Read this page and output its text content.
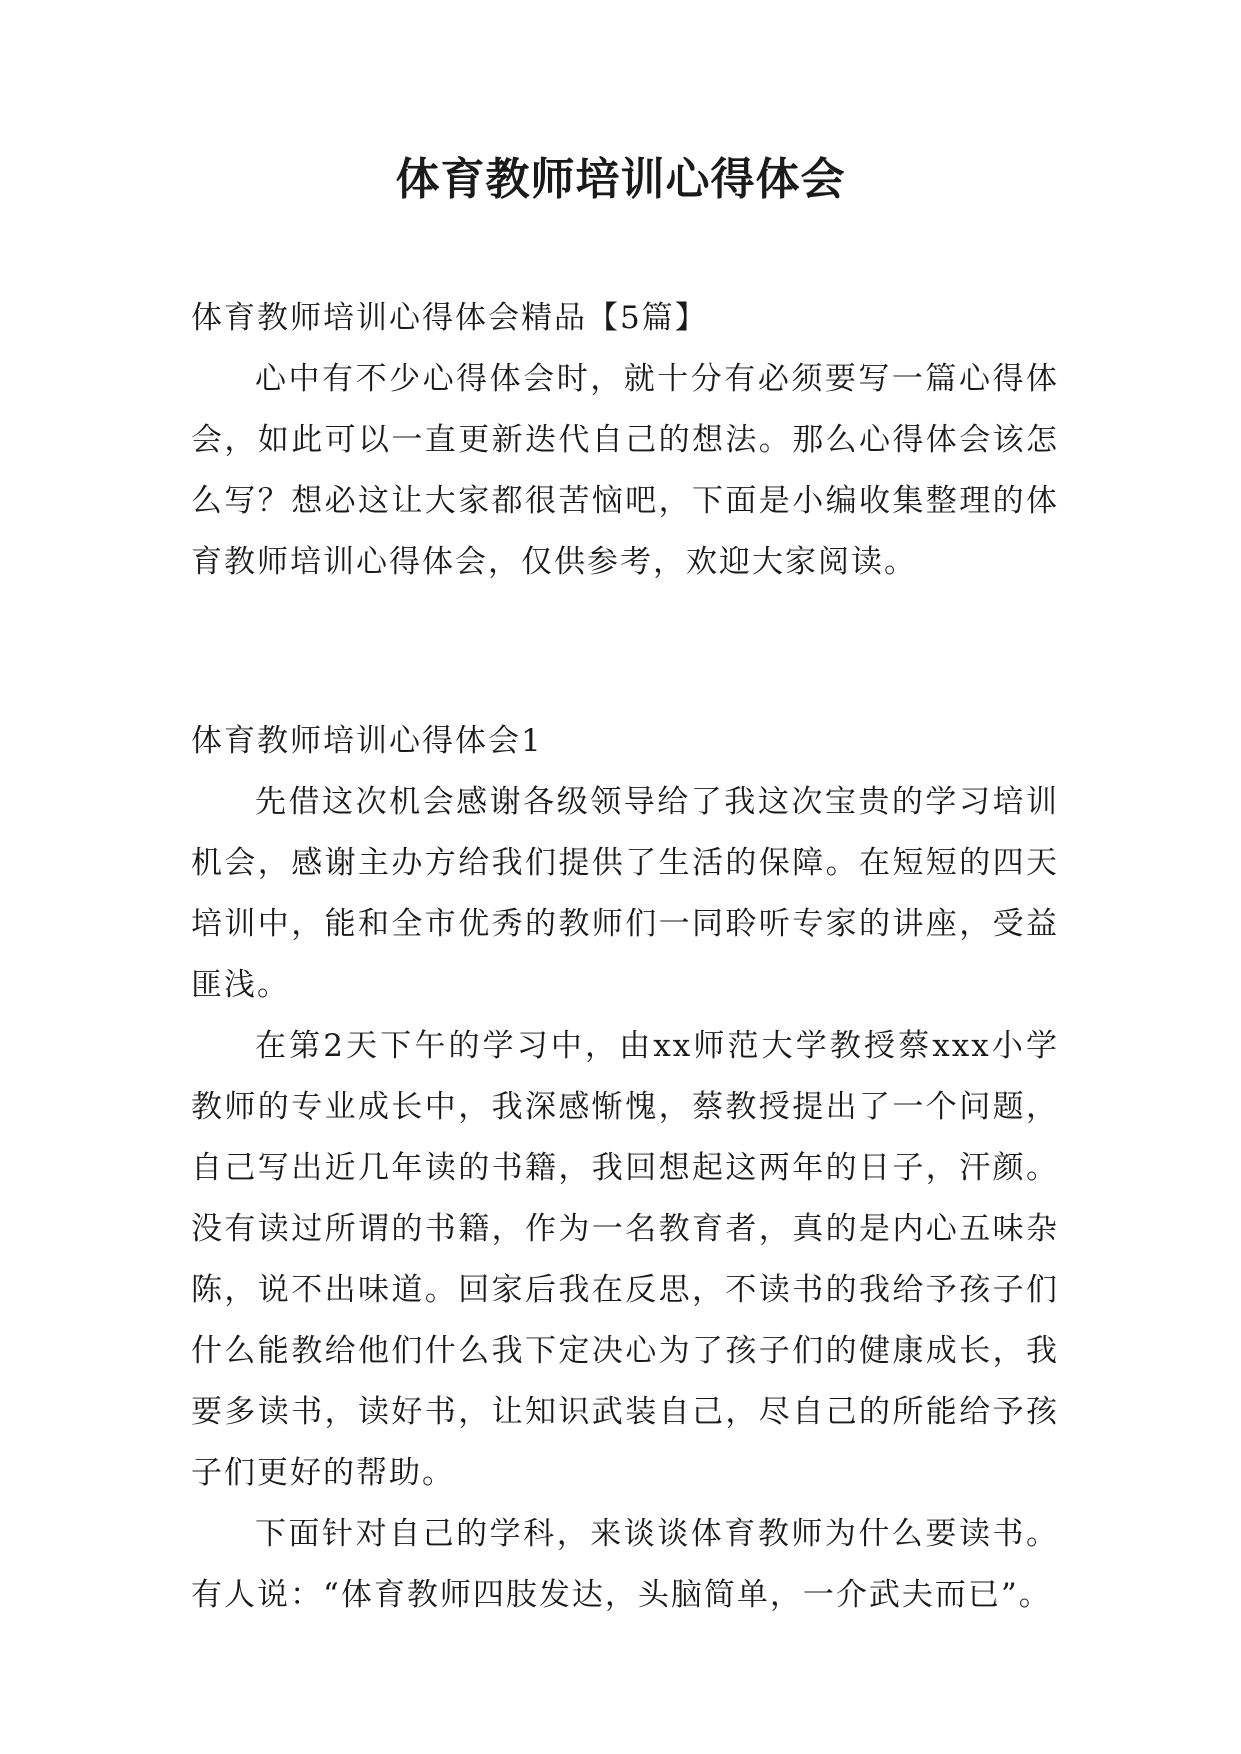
体育教师培训心得体会

体育教师培训心得体会精品【5篇】

心中有不少心得体会时，就十分有必须要写一篇心得体会，如此可以一直更新迭代自己的想法。那么心得体会该怎么写？想必这让大家都很苦恼吧，下面是小编收集整理的体育教师培训心得体会，仅供参考，欢迎大家阅读。

体育教师培训心得体会1

先借这次机会感谢各级领导给了我这次宝贵的学习培训机会，感谢主办方给我们提供了生活的保障。在短短的四天培训中，能和全市优秀的教师们一同聆听专家的讲座，受益匪浅。

在第2天下午的学习中，由xx师范大学教授蔡xxx小学教师的专业成长中，我深感惭愧，蔡教授提出了一个问题，自己写出近几年读的书籍，我回想起这两年的日子，汗颜。没有读过所谓的书籍，作为一名教育者，真的是内心五味杂陈，说不出味道。回家后我在反思，不读书的我给予孩子们什么能教给他们什么我下定决心为了孩子们的健康成长，我要多读书，读好书，让知识武装自己，尽自己的所能给予孩子们更好的帮助。

下面针对自己的学科，来谈谈体育教师为什么要读书。有人说：“体育教师四肢发达，头脑简单，一介武夫而已”。
